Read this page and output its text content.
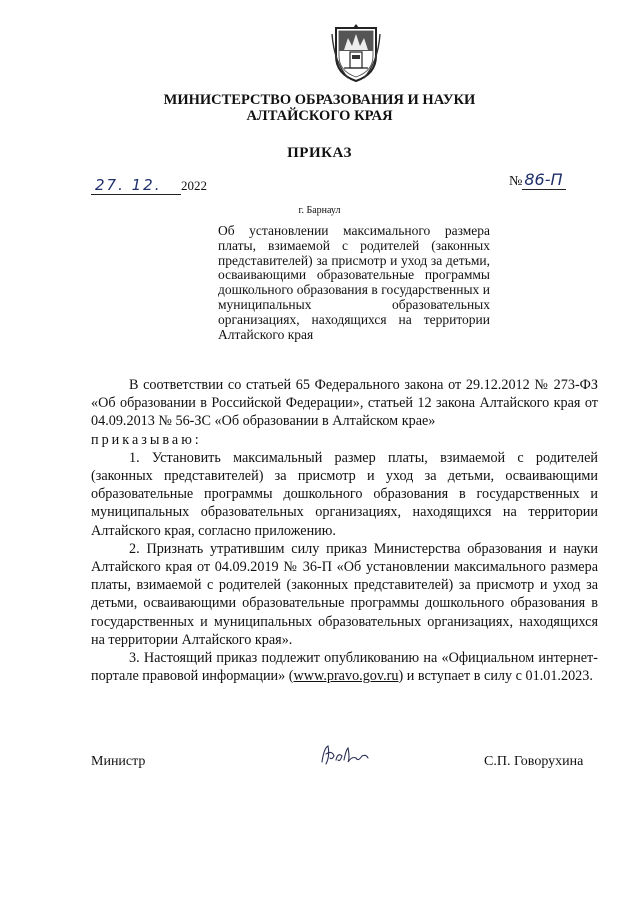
МИНИСТЕРСТВО ОБРАЗОВАНИЯ И НАУКИ
АЛТАЙСКОГО КРАЯ
ПРИКАЗ
27. 12. 2022	№ 86-П
г. Барнаул
Об установлении максимального размера платы, взимаемой с родителей (законных представителей) за присмотр и уход за детьми, осваивающими образовательные программы дошкольного образования в государственных и муниципальных образовательных организациях, находящихся на территории Алтайского края

В соответствии со статьей 65 Федерального закона от 29.12.2012 № 273-ФЗ «Об образовании в Российской Федерации», статьей 12 закона Алтайского края от 04.09.2013 № 56-ЗС «Об образовании в Алтайском крае»

приказываю:

1. Установить максимальный размер платы, взимаемой с родителей (законных представителей) за присмотр и уход за детьми, осваивающими образовательные программы дошкольного образования в государственных и муниципальных образовательных организациях, находящихся на территории Алтайского края, согласно приложению.

2. Признать утратившим силу приказ Министерства образования и науки Алтайского края от 04.09.2019 № 36-П «Об установлении максимального размера платы, взимаемой с родителей (законных представителей) за присмотр и уход за детьми, осваивающими образовательные программы дошкольного образования в государственных и муниципальных образовательных организациях, находящихся на территории Алтайского края».

3. Настоящий приказ подлежит опубликованию на «Официальном интернет-портале правовой информации» (www.pravo.gov.ru) и вступает в силу с 01.01.2023.

Министр	С.П. Говорухина
